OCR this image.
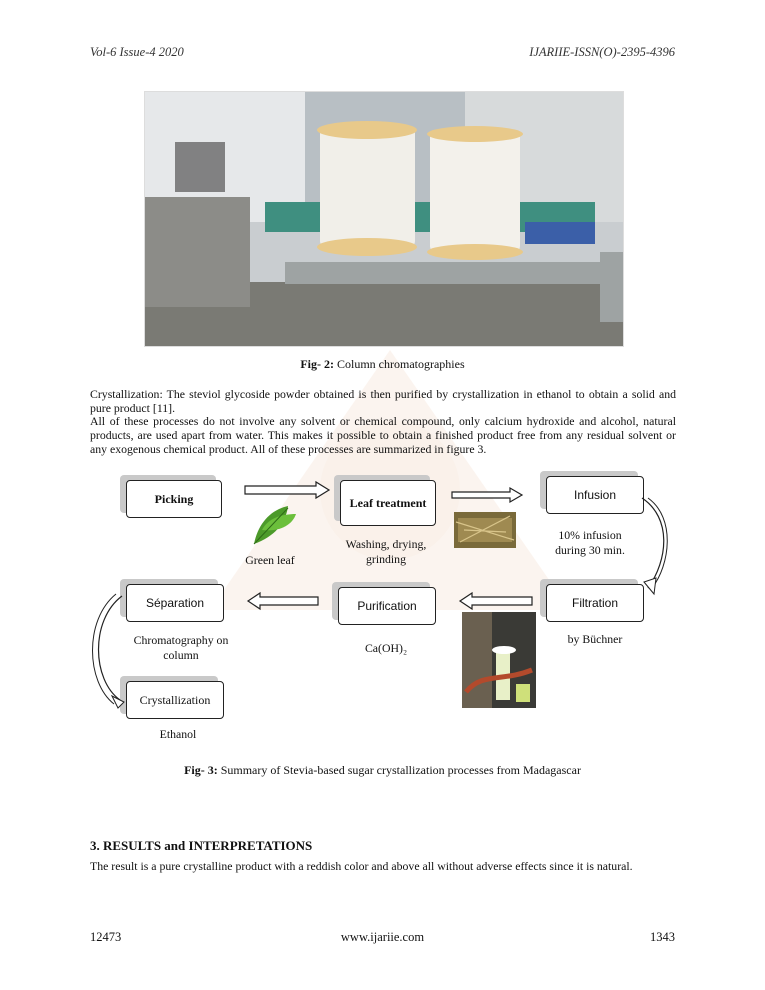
Vol-6 Issue-4 2020	IJARIIE-ISSN(O)-2395-4396
Fig- 2: Column chromatographies

Crystallization: The steviol glycoside powder obtained is then purified by crystallization in ethanol to obtain a solid and pure product [11].

All of these processes do not involve any solvent or chemical compound, only calcium hydroxide and alcohol, natural products, are used apart from water. This makes it possible to obtain a finished product free from any residual solvent or any exogenous chemical product. All of these processes are summarized in figure 3.

Picking	Leaf treatment
Infusion
Filtration
Purification
Séparation
Crystallization
Green leaf
Washing, drying,
grinding
10% infusion
during 30 min.
by Büchner
Ca(OH)₂
Chromatography on
column
Ethanol
Fig- 3: Summary of Stevia-based sugar crystallization processes from Madagascar
3. RESULTS and INTERPRETATIONS

The result is a pure crystalline product with a reddish color and above all without adverse effects since it is natural.

12473	www.ijariie.com	1343
